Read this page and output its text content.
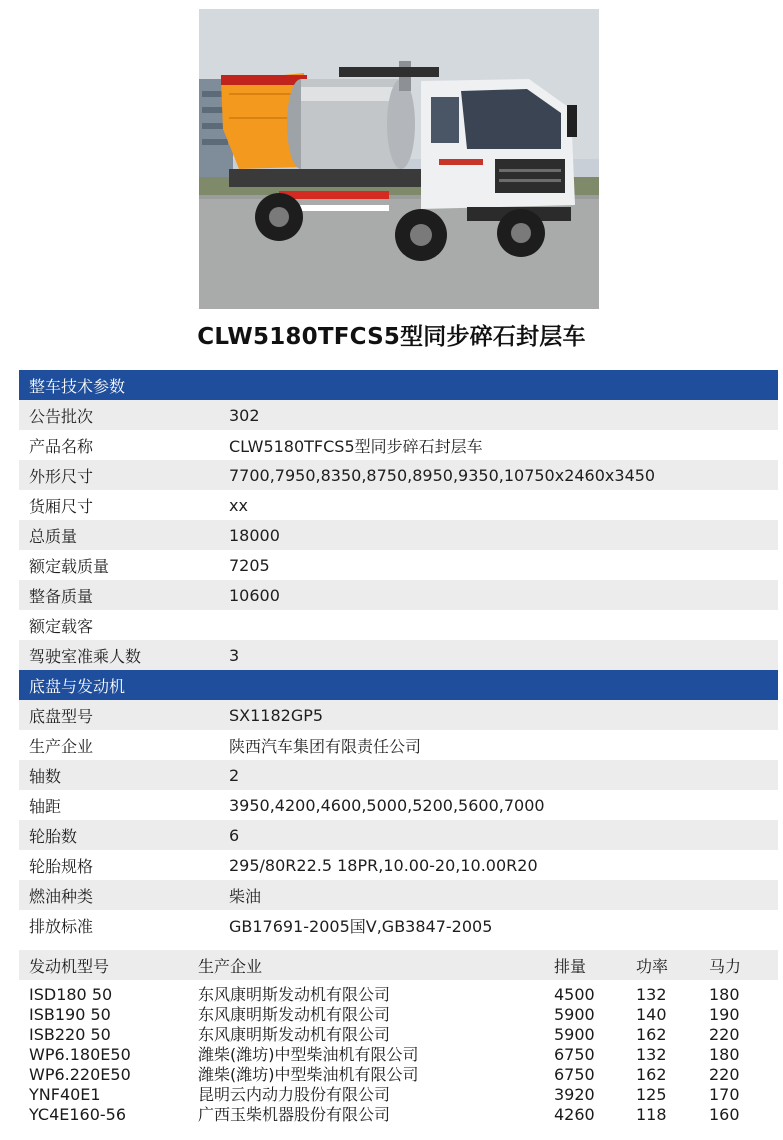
CLW5180TFCS5型同步碎石封层车
整车技术参数
公告批次	302
产品名称	CLW5180TFCS5型同步碎石封层车
外形尺寸	7700,7950,8350,8750,8950,9350,10750x2460x3450
货厢尺寸	xx
总质量	18000
额定载质量	7205
整备质量	10600
额定载客
驾驶室准乘人数	3
底盘与发动机
底盘型号	SX1182GP5
生产企业	陕西汽车集团有限责任公司
轴数	2
轴距	3950,4200,4600,5000,5200,5600,7000
轮胎数	6
轮胎规格	295/80R22.5 18PR,10.00-20,10.00R20
燃油种类	柴油
排放标准	GB17691-2005国Ⅴ,GB3847-2005
发动机型号	生产企业	排量	功率	马力
ISD180 50	东风康明斯发动机有限公司	4500	132	180
ISB190 50	东风康明斯发动机有限公司	5900	140	190
ISB220 50	东风康明斯发动机有限公司	5900	162	220
WP6.180E50	潍柴(潍坊)中型柴油机有限公司	6750	132	180
WP6.220E50	潍柴(潍坊)中型柴油机有限公司	6750	162	220
YNF40E1	昆明云内动力股份有限公司	3920	125	170
YC4E160-56	广西玉柴机器股份有限公司	4260	118	160
